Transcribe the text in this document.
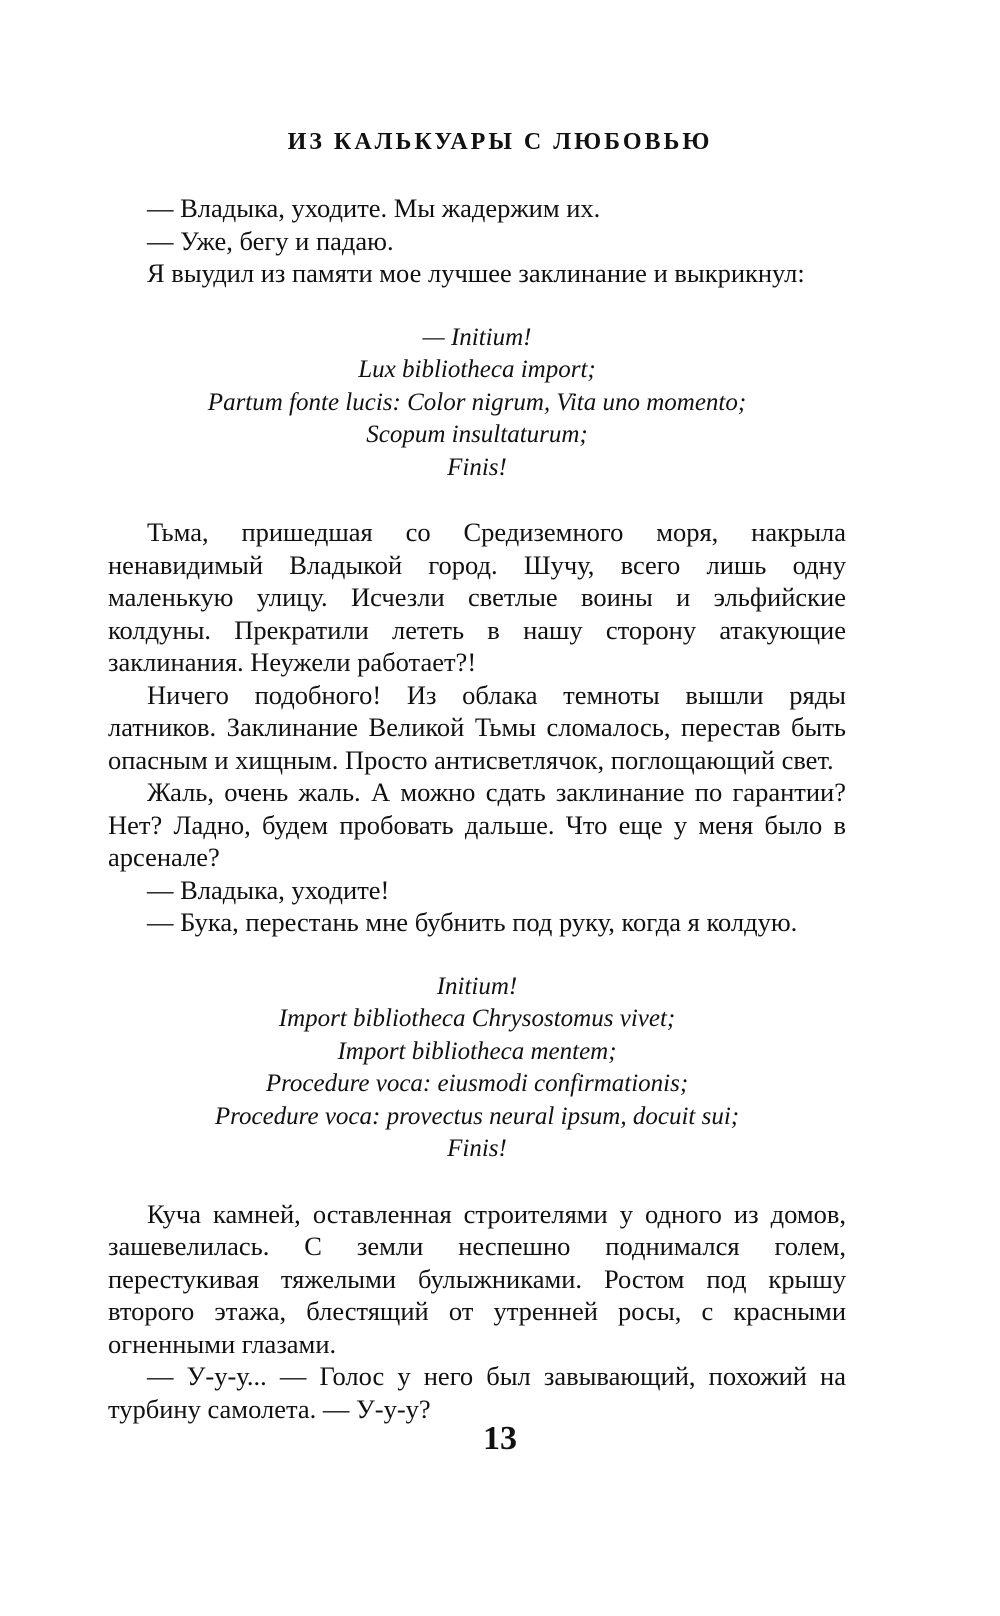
ИЗ КАЛЬКУАРЫ С ЛЮБОВЬЮ

— Владыка, уходите. Мы жадержим их.

— Уже, бегу и падаю.

Я выудил из памяти мое лучшее заклинание и выкрикнул:

— Initium!
Lux bibliotheca import;
Partum fonte lucis: Color nigrum, Vita uno momento;
Scopum insultaturum;
Finis!

Тьма, пришедшая со Средиземного моря, накрыла ненавидимый Владыкой город. Шучу, всего лишь одну маленькую улицу. Исчезли светлые воины и эльфийские колдуны. Прекратили лететь в нашу сторону атакующие заклинания. Неужели работает?!

Ничего подобного! Из облака темноты вышли ряды латников. Заклинание Великой Тьмы сломалось, перестав быть опасным и хищным. Просто антисветлячок, поглощающий свет.

Жаль, очень жаль. А можно сдать заклинание по гарантии? Нет? Ладно, будем пробовать дальше. Что еще у меня было в арсенале?

— Владыка, уходите!

— Бука, перестань мне бубнить под руку, когда я колдую.

Initium!
Import bibliotheca Chrysostomus vivet;
Import bibliotheca mentem;
Procedure voca: eiusmodi confirmationis;
Procedure voca: provectus neural ipsum, docuit sui;
Finis!

Куча камней, оставленная строителями у одного из домов, зашевелилась. С земли неспешно поднимался голем, перестукивая тяжелыми булыжниками. Ростом под крышу второго этажа, блестящий от утренней росы, с красными огненными глазами.

— У-у-у... — Голос у него был завывающий, похожий на турбину самолета. — У-у-у?

13
